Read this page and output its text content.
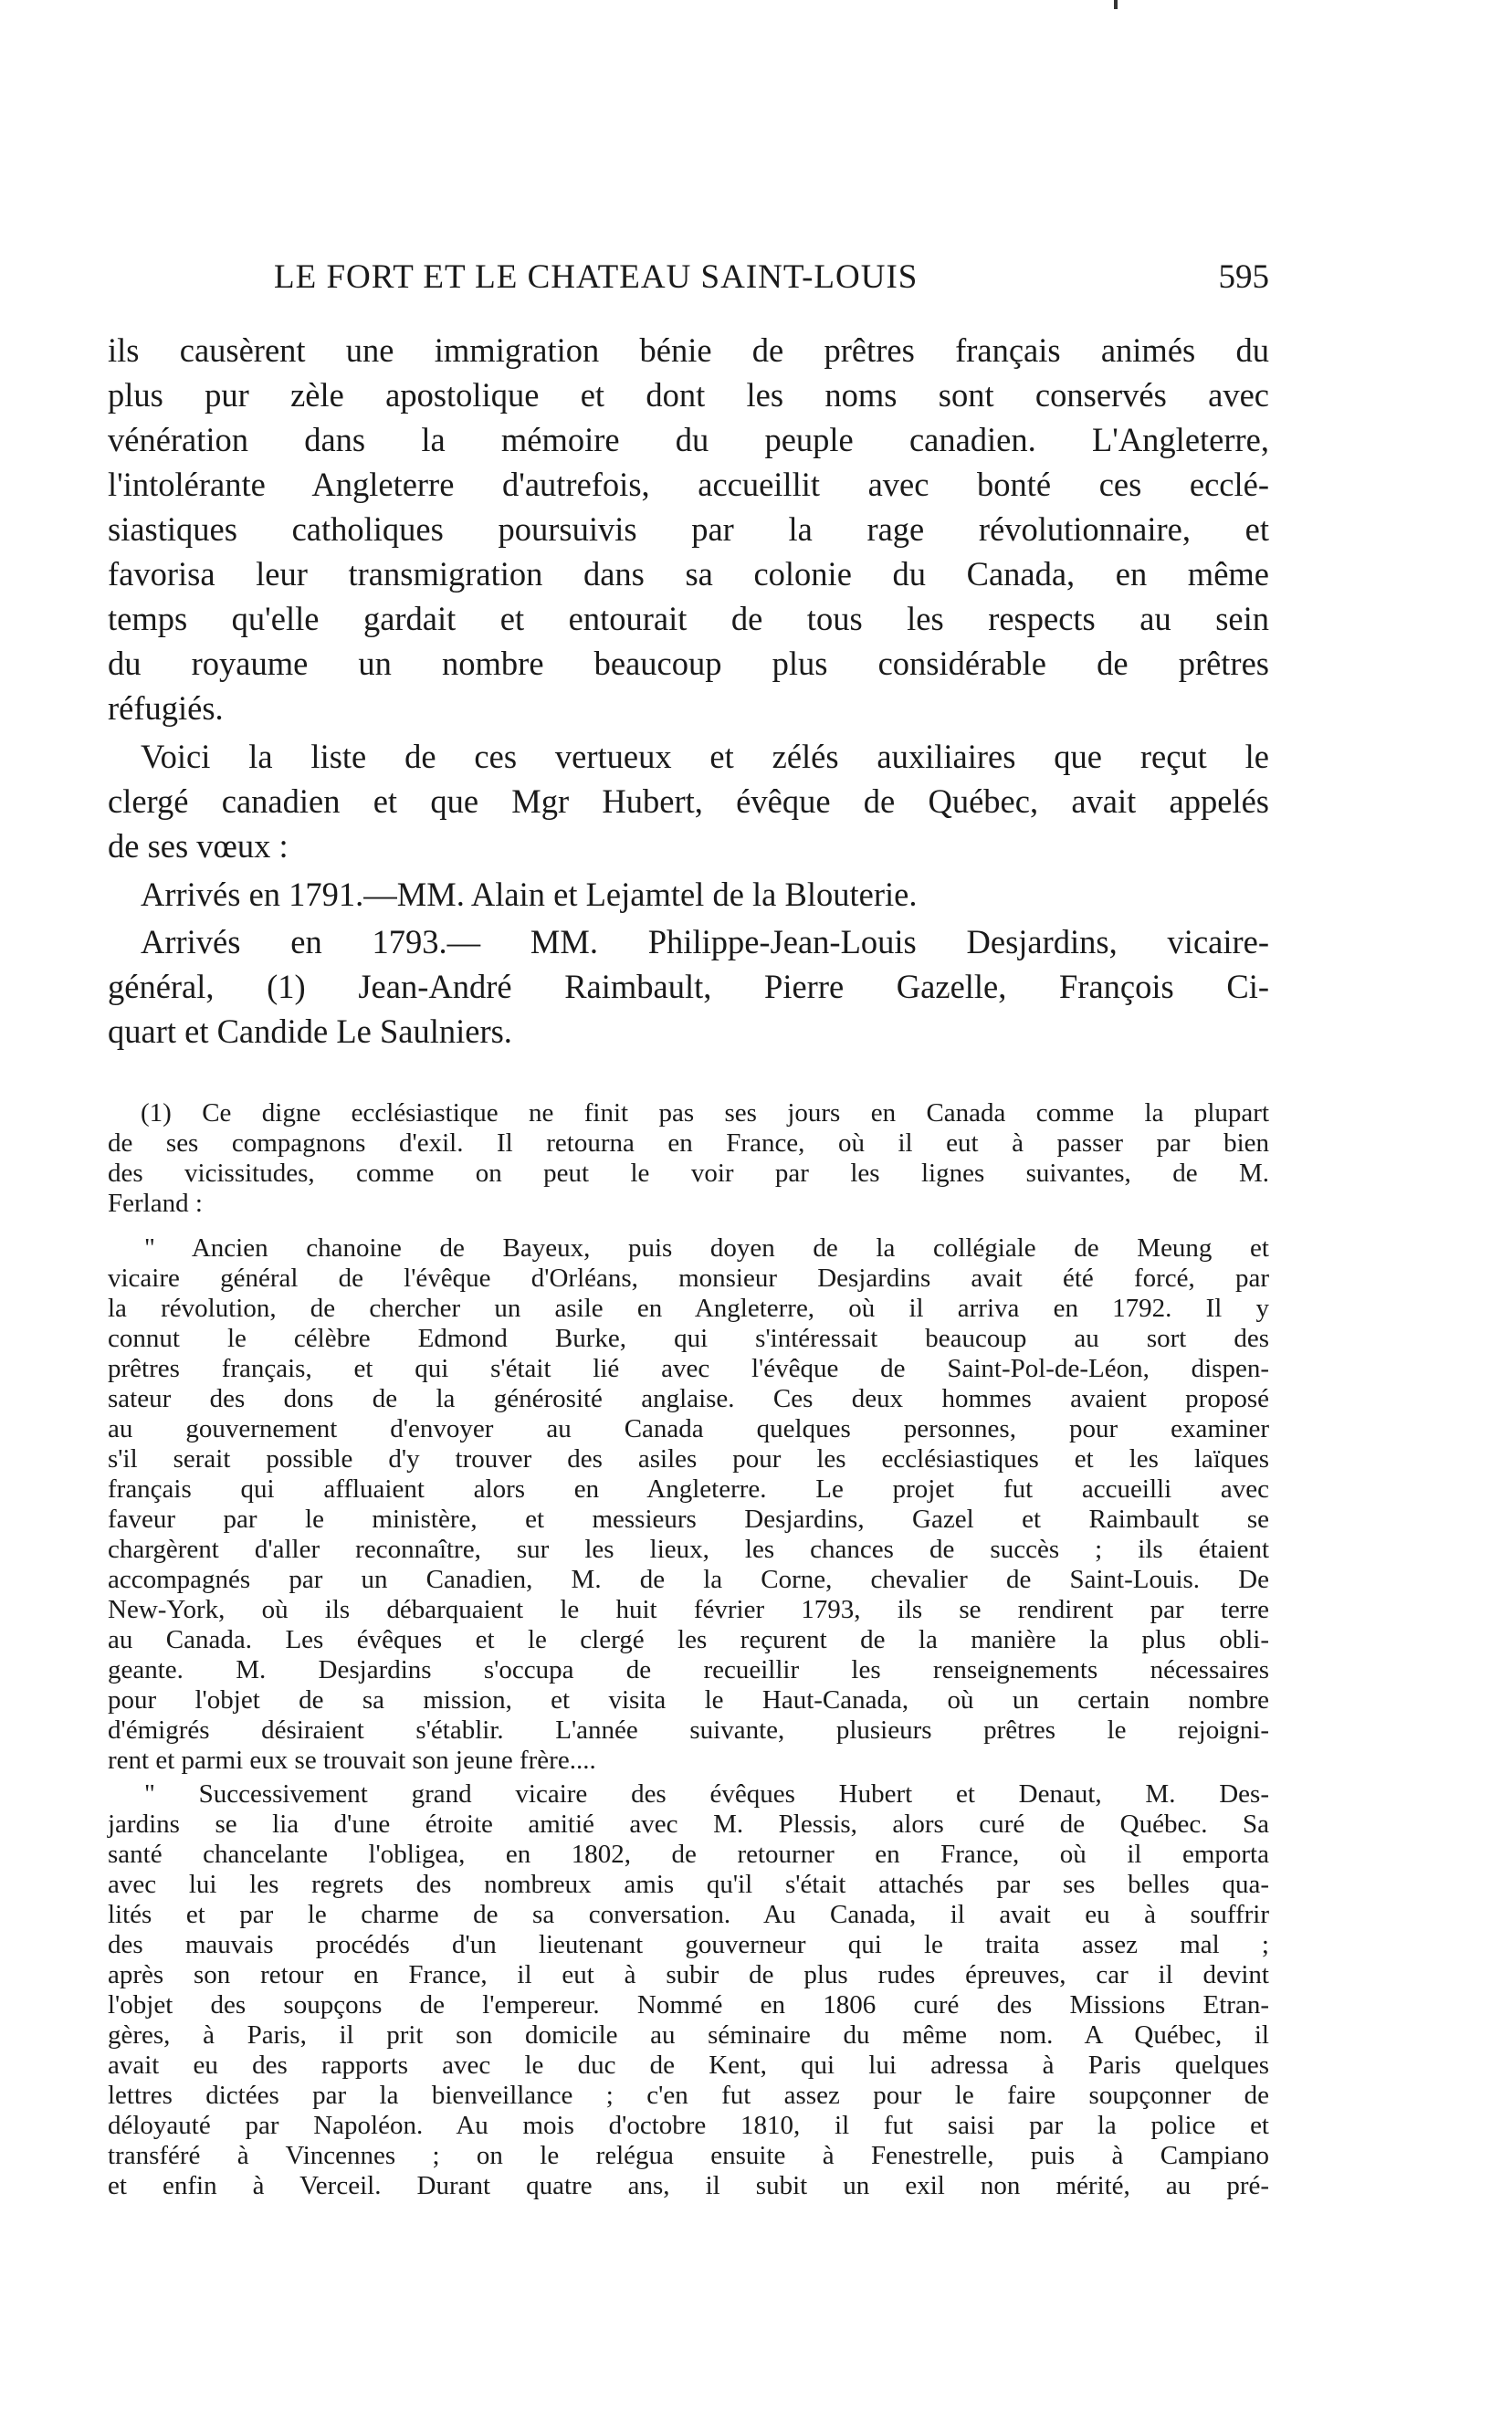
LE FORT ET LE CHATEAU SAINT-LOUIS	595
ils causèrent une immigration bénie de prêtres français animés du
plus pur zèle apostolique et dont les noms sont conservés avec
vénération dans la mémoire du peuple canadien. L'Angleterre,
l'intolérante Angleterre d'autrefois, accueillit avec bonté ces ecclé-
siastiques catholiques poursuivis par la rage révolutionnaire, et
favorisa leur transmigration dans sa colonie du Canada, en même
temps qu'elle gardait et entourait de tous les respects au sein
du royaume un nombre beaucoup plus considérable de prêtres
réfugiés.
Voici la liste de ces vertueux et zélés auxiliaires que reçut le
clergé canadien et que Mgr Hubert, évêque de Québec, avait appelés
de ses vœux :
Arrivés en 1791.—MM. Alain et Lejamtel de la Blouterie.
Arrivés en 1793.— MM. Philippe-Jean-Louis Desjardins, vicaire-
général, (1) Jean-André Raimbault, Pierre Gazelle, François Ci-
quart et Candide Le Saulniers.
(1) Ce digne ecclésiastique ne finit pas ses jours en Canada comme la plupart
de ses compagnons d'exil. Il retourna en France, où il eut à passer par bien
des vicissitudes, comme on peut le voir par les lignes suivantes, de M.
Ferland :
" Ancien chanoine de Bayeux, puis doyen de la collégiale de Meung et
vicaire général de l'évêque d'Orléans, monsieur Desjardins avait été forcé, par
la révolution, de chercher un asile en Angleterre, où il arriva en 1792. Il y
connut le célèbre Edmond Burke, qui s'intéressait beaucoup au sort des
prêtres français, et qui s'était lié avec l'évêque de Saint-Pol-de-Léon, dispen-
sateur des dons de la générosité anglaise. Ces deux hommes avaient proposé
au gouvernement d'envoyer au Canada quelques personnes, pour examiner
s'il serait possible d'y trouver des asiles pour les ecclésiastiques et les laïques
français qui affluaient alors en Angleterre. Le projet fut accueilli avec
faveur par le ministère, et messieurs Desjardins, Gazel et Raimbault se
chargèrent d'aller reconnaître, sur les lieux, les chances de succès ; ils étaient
accompagnés par un Canadien, M. de la Corne, chevalier de Saint-Louis. De
New-York, où ils débarquaient le huit février 1793, ils se rendirent par terre
au Canada. Les évêques et le clergé les reçurent de la manière la plus obli-
geante. M. Desjardins s'occupa de recueillir les renseignements nécessaires
pour l'objet de sa mission, et visita le Haut-Canada, où un certain nombre
d'émigrés désiraient s'établir. L'année suivante, plusieurs prêtres le rejoigni-
rent et parmi eux se trouvait son jeune frère....
" Successivement grand vicaire des évêques Hubert et Denaut, M. Des-
jardins se lia d'une étroite amitié avec M. Plessis, alors curé de Québec. Sa
santé chancelante l'obligea, en 1802, de retourner en France, où il emporta
avec lui les regrets des nombreux amis qu'il s'était attachés par ses belles qua-
lités et par le charme de sa conversation. Au Canada, il avait eu à souffrir
des mauvais procédés d'un lieutenant gouverneur qui le traita assez mal ;
après son retour en France, il eut à subir de plus rudes épreuves, car il devint
l'objet des soupçons de l'empereur. Nommé en 1806 curé des Missions Etran-
gères, à Paris, il prit son domicile au séminaire du même nom. A Québec, il
avait eu des rapports avec le duc de Kent, qui lui adressa à Paris quelques
lettres dictées par la bienveillance ; c'en fut assez pour le faire soupçonner de
déloyauté par Napoléon. Au mois d'octobre 1810, il fut saisi par la police et
transféré à Vincennes ; on le relégua ensuite à Fenestrelle, puis à Campiano
et enfin à Verceil. Durant quatre ans, il subit un exil non mérité, au pré-
